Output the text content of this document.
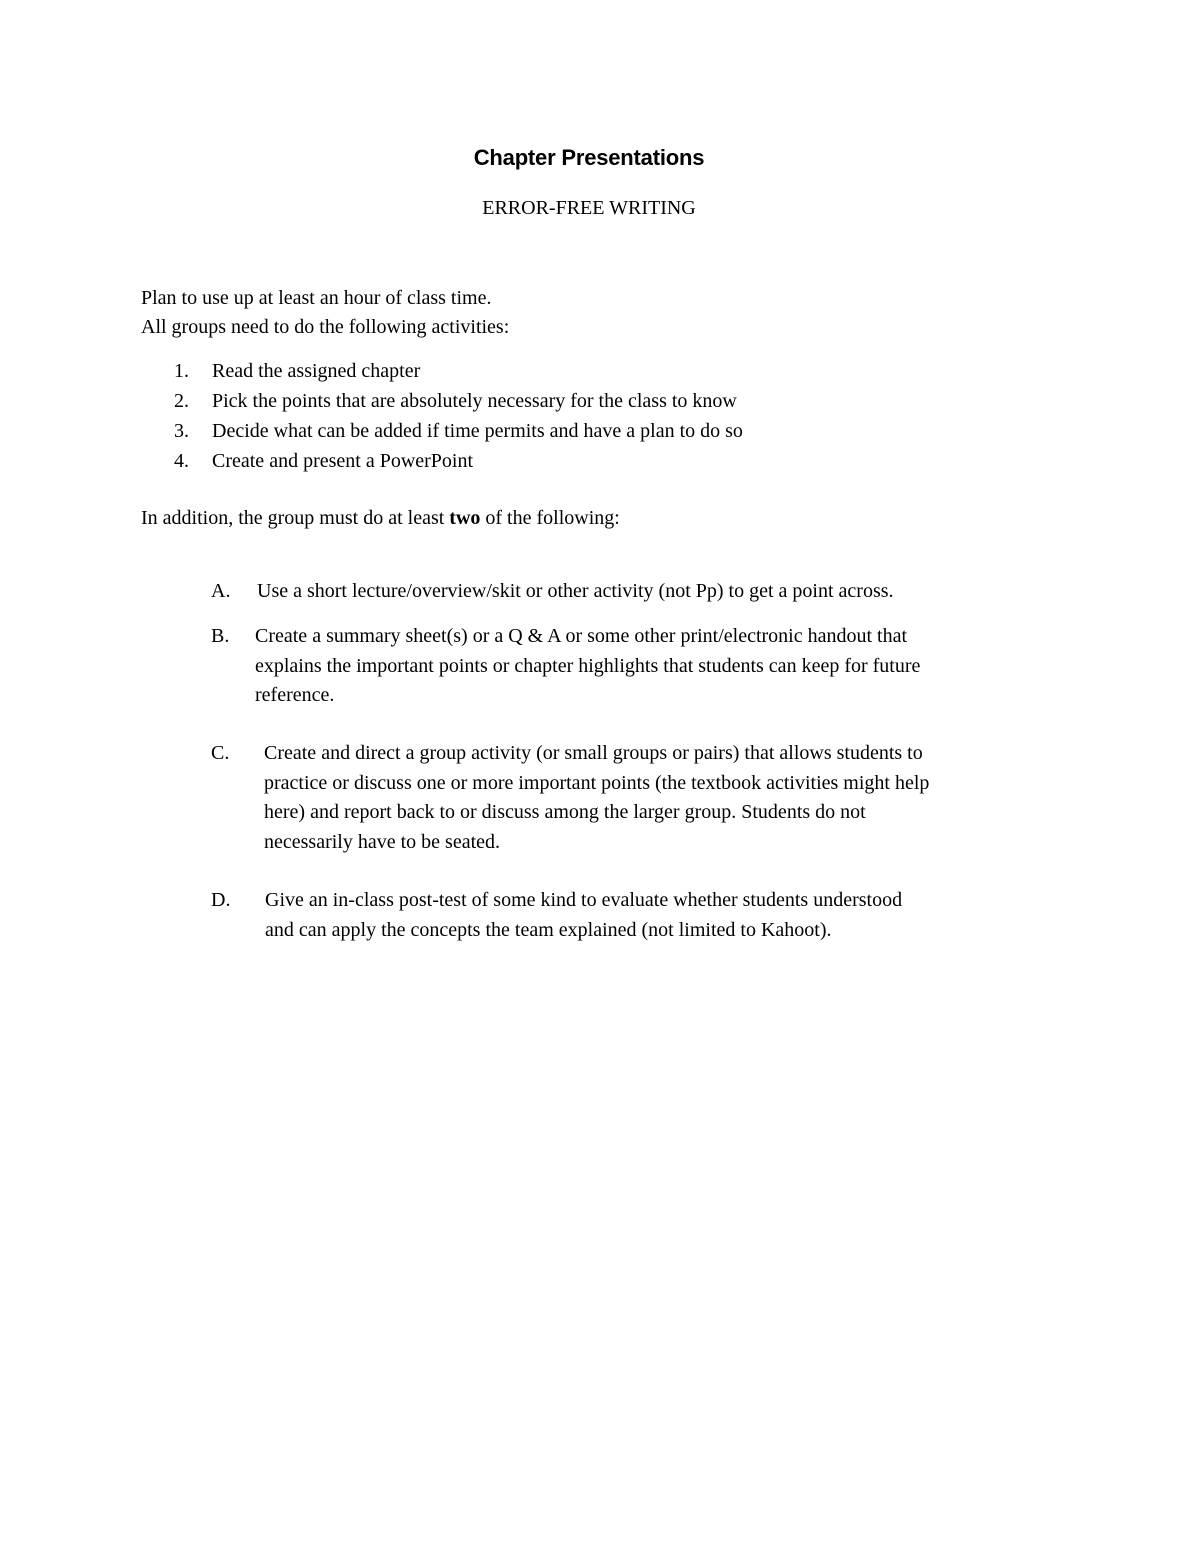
Chapter Presentations
ERROR-FREE WRITING
Plan to use up at least an hour of class time.
All groups need to do the following activities:
1. Read the assigned chapter
2. Pick the points that are absolutely necessary for the class to know
3. Decide what can be added if time permits and have a plan to do so
4. Create and present a PowerPoint
In addition, the group must do at least two of the following:
A. Use a short lecture/overview/skit or other activity (not Pp) to get a point across.
B. Create a summary sheet(s) or a Q & A or some other print/electronic handout that
explains the important points or chapter highlights that students can keep for future
reference.
C. Create and direct a group activity (or small groups or pairs) that allows students to
practice or discuss one or more important points (the textbook activities might help
here) and report back to or discuss among the larger group. Students do not
necessarily have to be seated.
D. Give an in-class post-test of some kind to evaluate whether students understood
and can apply the concepts the team explained (not limited to Kahoot).
